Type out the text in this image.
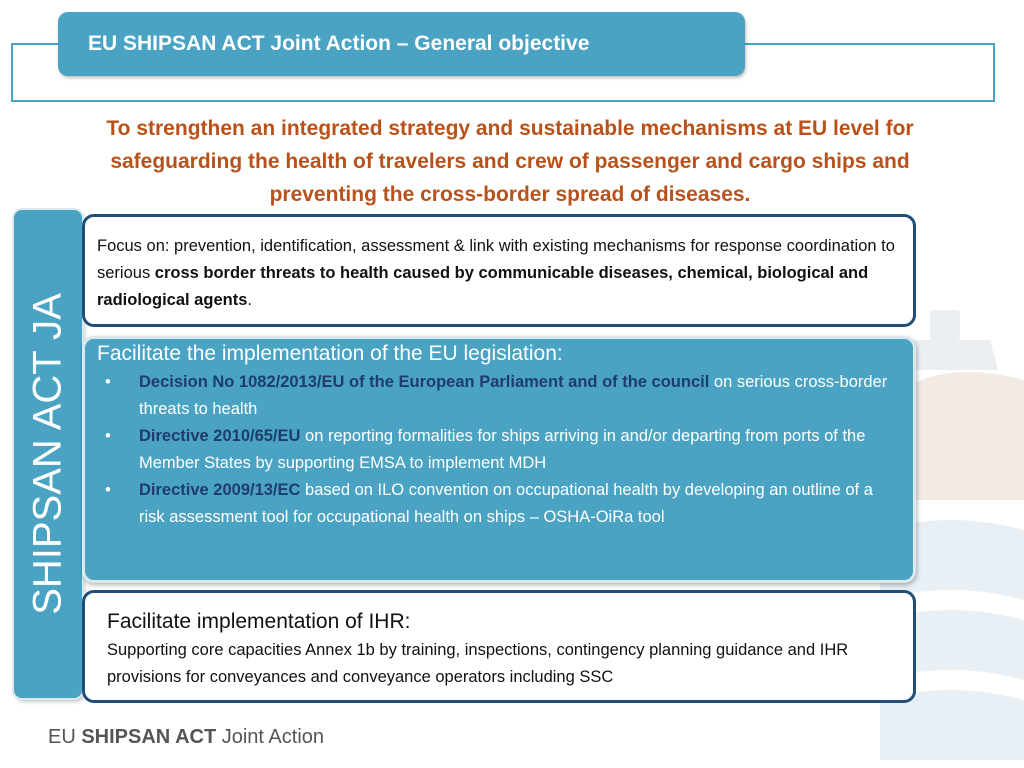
EU SHIPSAN ACT Joint Action – General objective
To strengthen an integrated strategy and sustainable mechanisms at EU level for safeguarding the health of travelers and crew of passenger and cargo ships and preventing the cross-border spread of diseases.
SHIPSAN ACT JA
Focus on: prevention, identification, assessment & link with existing mechanisms for response coordination to serious cross border threats to health caused by communicable diseases, chemical, biological and radiological agents.
Facilitate the implementation of the EU legislation:
• Decision No 1082/2013/EU of the European Parliament and of the council on serious cross-border threats to health
• Directive 2010/65/EU on reporting formalities for ships arriving in and/or departing from ports of the Member States by supporting EMSA to implement MDH
• Directive 2009/13/EC based on ILO convention on occupational health by developing an outline of a risk assessment tool for occupational health on ships – OSHA-OiRa tool
Facilitate implementation of IHR:
Supporting core capacities Annex 1b by training, inspections, contingency planning guidance and IHR provisions for conveyances and conveyance operators including SSC
EU SHIPSAN ACT Joint Action
